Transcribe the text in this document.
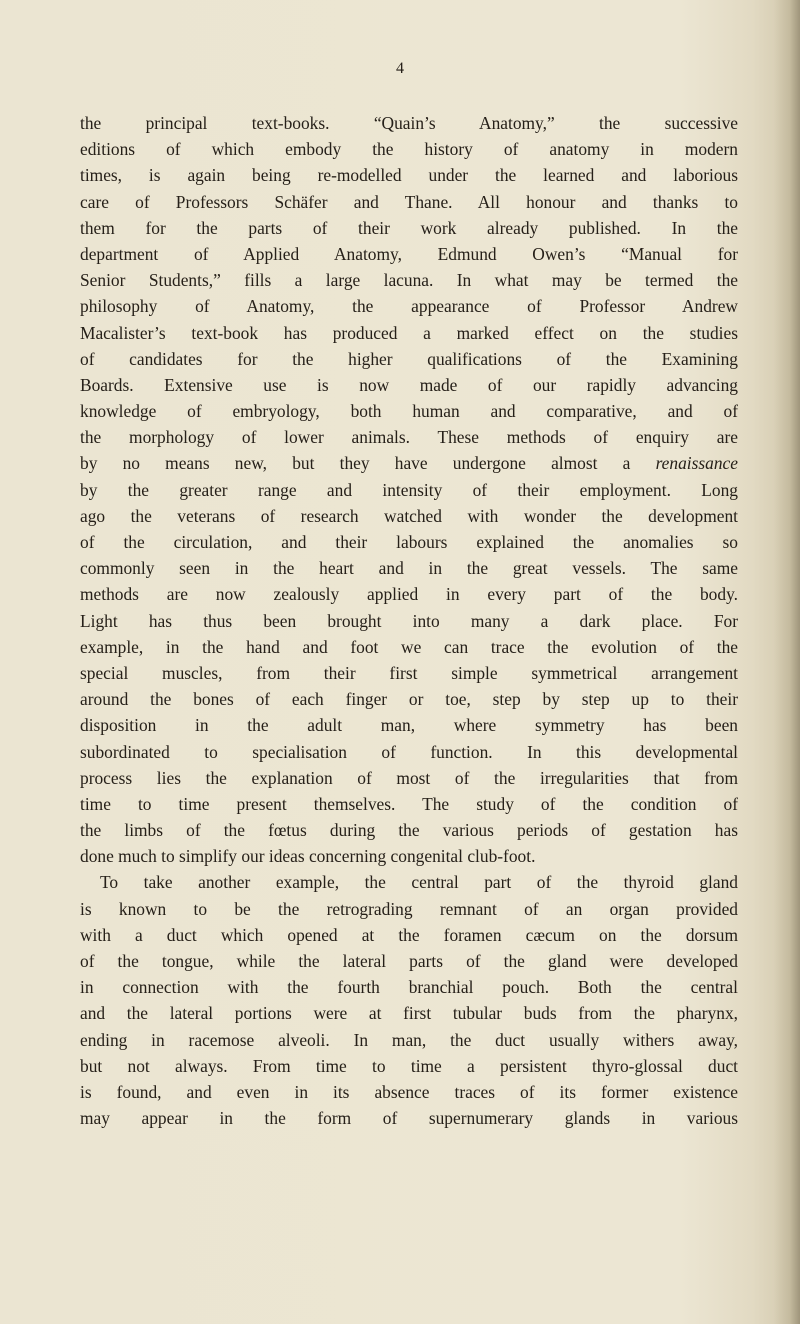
4
the principal text-books. “Quain’s Anatomy,” the successive
editions of which embody the history of anatomy in modern
times, is again being re-modelled under the learned and laborious
care of Professors Schäfer and Thane. All honour and thanks to
them for the parts of their work already published. In the
department of Applied Anatomy, Edmund Owen’s “Manual for
Senior Students,” fills a large lacuna. In what may be termed the
philosophy of Anatomy, the appearance of Professor Andrew
Macalister’s text-book has produced a marked effect on the studies
of candidates for the higher qualifications of the Examining
Boards. Extensive use is now made of our rapidly advancing
knowledge of embryology, both human and comparative, and of
the morphology of lower animals. These methods of enquiry are
by no means new, but they have undergone almost a renaissance
by the greater range and intensity of their employment. Long
ago the veterans of research watched with wonder the development
of the circulation, and their labours explained the anomalies so
commonly seen in the heart and in the great vessels. The same
methods are now zealously applied in every part of the body.
Light has thus been brought into many a dark place. For
example, in the hand and foot we can trace the evolution of the
special muscles, from their first simple symmetrical arrangement
around the bones of each finger or toe, step by step up to their
disposition in the adult man, where symmetry has been
subordinated to specialisation of function. In this developmental
process lies the explanation of most of the irregularities that from
time to time present themselves. The study of the condition of
the limbs of the fœtus during the various periods of gestation has
done much to simplify our ideas concerning congenital club-foot.
To take another example, the central part of the thyroid gland
is known to be the retrograding remnant of an organ provided
with a duct which opened at the foramen cæcum on the dorsum
of the tongue, while the lateral parts of the gland were developed
in connection with the fourth branchial pouch. Both the central
and the lateral portions were at first tubular buds from the pharynx,
ending in racemose alveoli. In man, the duct usually withers away,
but not always. From time to time a persistent thyro-glossal duct
is found, and even in its absence traces of its former existence
may appear in the form of supernumerary glands in various
